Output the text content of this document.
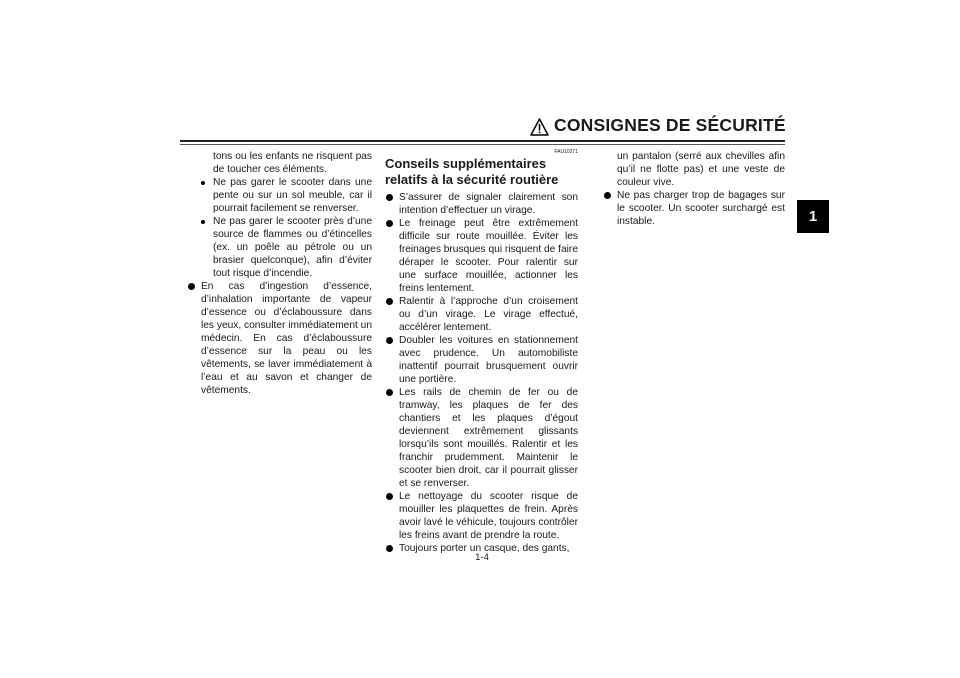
CONSIGNES DE SÉCURITÉ
1
tons ou les enfants ne risquent pas de toucher ces éléments.
Ne pas garer le scooter dans une pente ou sur un sol meuble, car il pourrait facilement se renverser.
Ne pas garer le scooter près d’une source de flammes ou d’étincelles (ex. un poêle au pétrole ou un brasier quelconque), afin d’éviter tout risque d’incendie.
En cas d’ingestion d’essence, d’inhalation importante de vapeur d’essence ou d’éclaboussure dans les yeux, consulter immédiatement un médecin. En cas d’éclaboussure d’essence sur la peau ou les vêtements, se laver immédiatement à l’eau et au savon et changer de vêtements.
FAU10371
Conseils supplémentaires
relatifs à la sécurité routière
S’assurer de signaler clairement son intention d’effectuer un virage.
Le freinage peut être extrêmement difficile sur route mouillée. Éviter les freinages brusques qui risquent de faire déraper le scooter. Pour ralentir sur une surface mouillée, actionner les freins lentement.
Ralentir à l’approche d’un croisement ou d’un virage. Le virage effectué, accélérer lentement.
Doubler les voitures en stationnement avec prudence. Un automobiliste inattentif pourrait brusquement ouvrir une portière.
Les rails de chemin de fer ou de tramway, les plaques de fer des chantiers et les plaques d’égout deviennent extrêmement glissants lorsqu’ils sont mouillés. Ralentir et les franchir prudemment. Maintenir le scooter bien droit, car il pourrait glisser et se renverser.
Le nettoyage du scooter risque de mouiller les plaquettes de frein. Après avoir lavé le véhicule, toujours contrôler les freins avant de prendre la route.
Toujours porter un casque, des gants,
un pantalon (serré aux chevilles afin qu’il ne flotte pas) et une veste de couleur vive.
Ne pas charger trop de bagages sur le scooter. Un scooter surchargé est instable.
1-4
